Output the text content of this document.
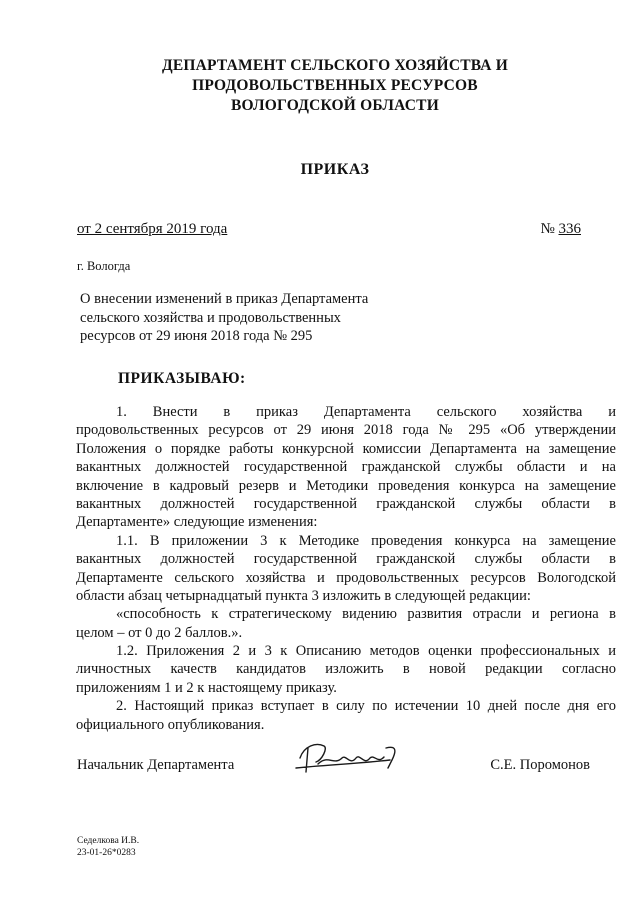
ДЕПАРТАМЕНТ СЕЛЬСКОГО ХОЗЯЙСТВА И
ПРОДОВОЛЬСТВЕННЫХ РЕСУРСОВ
ВОЛОГОДСКОЙ ОБЛАСТИ
ПРИКАЗ
от 2 сентября 2019 года	№ 336
г. Вологда
О внесении изменений в приказ Департамента
сельского хозяйства и продовольственных
ресурсов от 29 июня 2018 года № 295
ПРИКАЗЫВАЮ:
1. Внести в приказ Департамента сельского хозяйства и
продовольственных ресурсов от 29 июня 2018 года № 295 «Об утверждении
Положения о порядке работы конкурсной комиссии Департамента на замещение
вакантных должностей государственной гражданской службы области и на
включение в кадровый резерв и Методики проведения конкурса на замещение
вакантных должностей государственной гражданской службы области в
Департаменте» следующие изменения:
1.1. В приложении 3 к Методике проведения конкурса на замещение
вакантных должностей государственной гражданской службы области в
Департаменте сельского хозяйства и продовольственных ресурсов Вологодской
области абзац четырнадцатый пункта 3 изложить в следующей редакции:
«способность к стратегическому видению развития отрасли и региона в
целом – от 0 до 2 баллов.».
1.2. Приложения 2 и 3 к Описанию методов оценки профессиональных и
личностных качеств кандидатов изложить в новой редакции согласно
приложениям 1 и 2 к настоящему приказу.
2. Настоящий приказ вступает в силу по истечении 10 дней после дня его
официального опубликования.
Начальник Департамента	С.Е. Поромонов
Седелкова И.В.
23-01-26*0283
